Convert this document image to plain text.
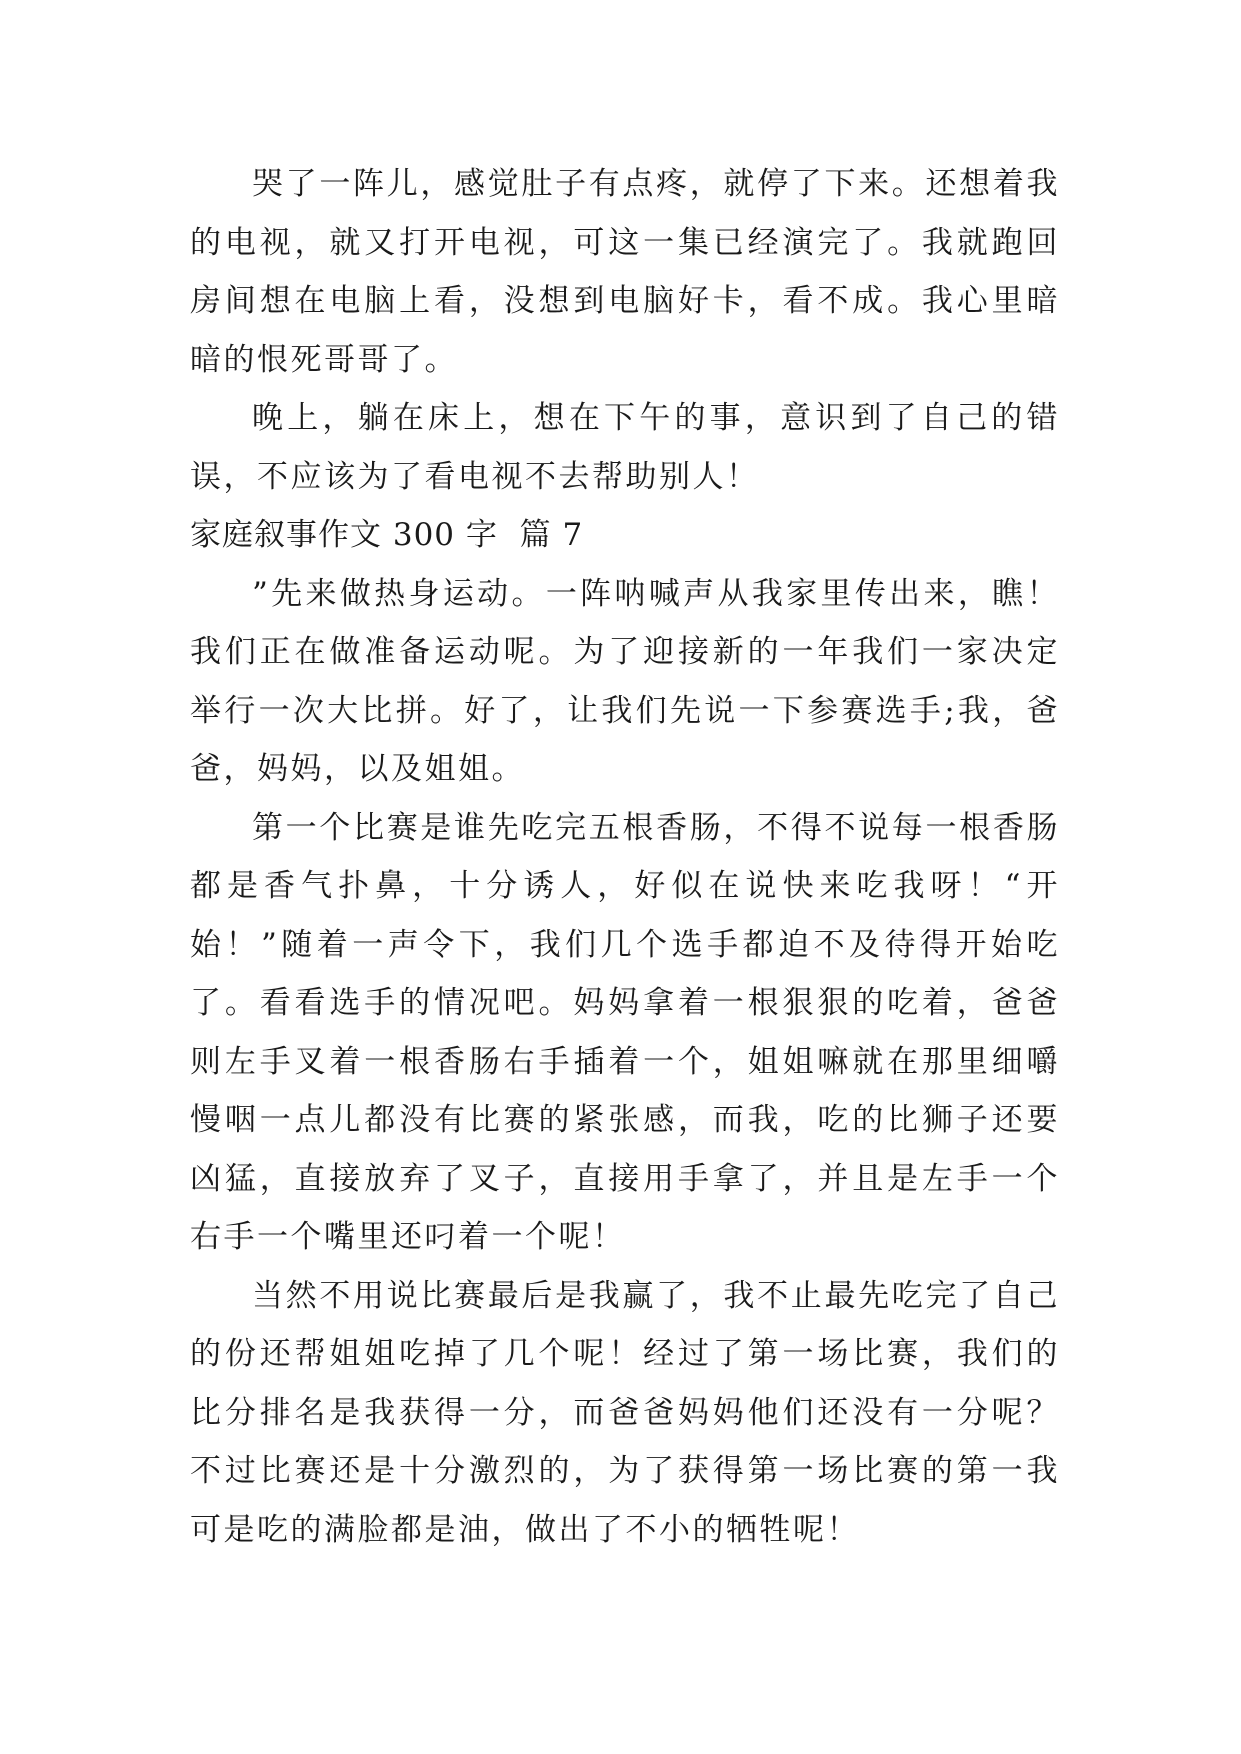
哭了一阵儿，感觉肚子有点疼，就停了下来。还想着我的电视，就又打开电视，可这一集已经演完了。我就跑回房间想在电脑上看，没想到电脑好卡，看不成。我心里暗暗的恨死哥哥了。

晚上，躺在床上，想在下午的事，意识到了自己的错误，不应该为了看电视不去帮助别人！

家庭叙事作文 300 字  篇 7

”先来做热身运动。一阵呐喊声从我家里传出来，瞧！我们正在做准备运动呢。为了迎接新的一年我们一家决定举行一次大比拼。好了，让我们先说一下参赛选手;我，爸爸，妈妈，以及姐姐。

第一个比赛是谁先吃完五根香肠，不得不说每一根香肠都是香气扑鼻，十分诱人，好似在说快来吃我呀！“开始！”随着一声令下，我们几个选手都迫不及待得开始吃了。看看选手的情况吧。妈妈拿着一根狠狠的吃着，爸爸则左手叉着一根香肠右手插着一个，姐姐嘛就在那里细嚼慢咽一点儿都没有比赛的紧张感，而我，吃的比狮子还要凶猛，直接放弃了叉子，直接用手拿了，并且是左手一个右手一个嘴里还叼着一个呢！

当然不用说比赛最后是我赢了，我不止最先吃完了自己的份还帮姐姐吃掉了几个呢！经过了第一场比赛，我们的比分排名是我获得一分，而爸爸妈妈他们还没有一分呢？不过比赛还是十分激烈的，为了获得第一场比赛的第一我可是吃的满脸都是油，做出了不小的牺牲呢！
